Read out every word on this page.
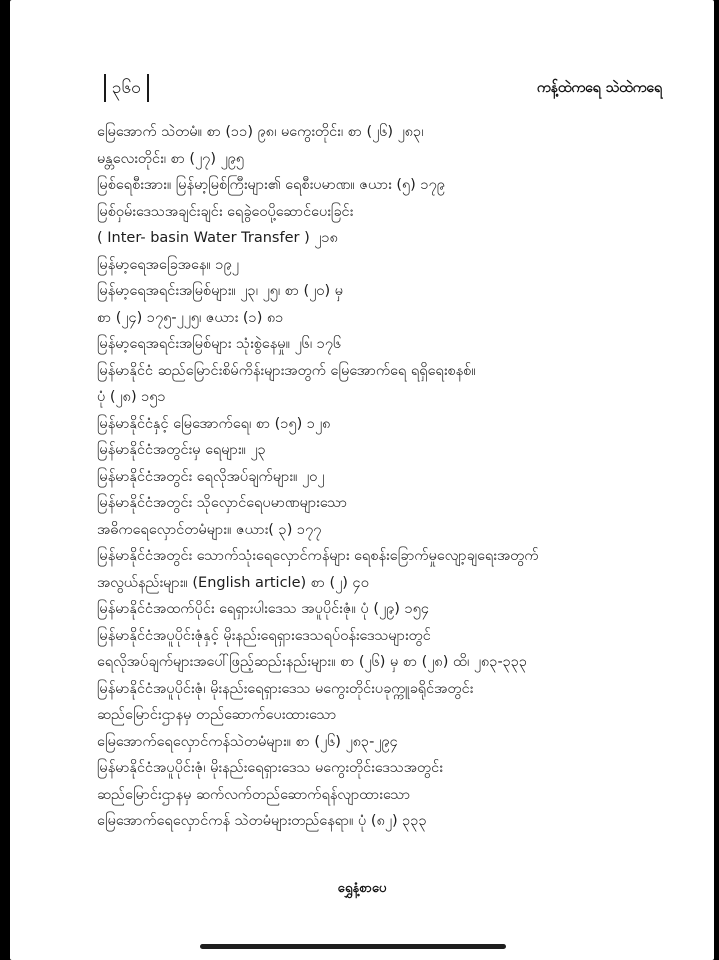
၃၆၀	ကန့်ထဲကရေ သဲထဲကရေ
မြေအောက် သဲတမံ။ စာ (၁၁) ၉၈၊ မကွေးတိုင်း၊ စာ (၂၆) ၂၈၃၊
မန္တလေးတိုင်း၊ စာ (၂၇) ၂၉၅
မြစ်ရေစီးအား။ မြန်မာ့မြစ်ကြီးများ၏ ရေစီးပမာဏ။ ဇယား (၅) ၁၇၉
မြစ်ဝှမ်းဒေသအချင်းချင်း ရေခွဲဝေပို့ဆောင်ပေးခြင်း
( Inter- basin Water Transfer ) ၂၁၈
မြန်မာ့ရေအခြေအနေ။ ၁၉၂
မြန်မာ့ရေအရင်းအမြစ်များ။ ၂၃၊ ၂၅၊ စာ (၂၀) မှ
စာ (၂၄) ၁၇၅-၂၂၅၊ ဇယား (၁) ၈၁
မြန်မာ့ရေအရင်းအမြစ်များ သုံးစွဲနေမှု။ ၂၆၊ ၁၇၆
မြန်မာနိုင်ငံ ဆည်မြောင်းစိမ်ကိန်းများအတွက် မြေအောက်ရေ ရရှိရေးစနစ်။
ပုံ (၂၈) ၁၅၁
မြန်မာနိုင်ငံနှင့် မြေအောက်ရေ၊ စာ (၁၅) ၁၂၈
မြန်မာနိုင်ငံအတွင်းမှ ရေများ။ ၂၃
မြန်မာနိုင်ငံအတွင်း ရေလိုအပ်ချက်များ။ ၂၀၂
မြန်မာနိုင်ငံအတွင်း သိုလှောင်ရေပမာဏများသော
အဓိကရေလှောင်တမံများ။ ဇယား( ၃) ၁၇၇
မြန်မာနိုင်ငံအတွင်း သောက်သုံးရေလှောင်ကန်များ ရေစန်းခြောက်မှုလျော့ချရေးအတွက်
အလွယ်နည်းများ။ (English article) စာ (၂) ၄၀
မြန်မာနိုင်ငံအထက်ပိုင်း ရေရှားပါးဒေသ အပူပိုင်းဇုံ။ ပုံ (၂၉) ၁၅၄
မြန်မာနိုင်ငံအပူပိုင်းဇုံနှင့် မိုးနည်းရေရှားဒေသရပ်ဝန်းဒေသများတွင်
ရေလိုအပ်ချက်များအပေါ်ဖြည့်ဆည်းနည်းများ။ စာ (၂၆) မှ စာ (၂၈) ထိ၊ ၂၈၃-၃၃၃
မြန်မာနိုင်ငံအပူပိုင်းဇုံ၊ မိုးနည်းရေရှားဒေသ မကွေးတိုင်းပခုက္ကူခရိုင်အတွင်း
ဆည်မြောင်းဌာနမှ တည်ဆောက်ပေးထားသော
မြေအောက်ရေလှောင်ကန်သဲတမံများ။ စာ (၂၆) ၂၈၃-၂၉၄
မြန်မာနိုင်ငံအပူပိုင်းဇုံ၊ မိုးနည်းရေရှားဒေသ မကွေးတိုင်းဒေသအတွင်း
ဆည်မြောင်းဌာနမှ ဆက်လက်တည်ဆောက်ရန်လျာထားသော
မြေအောက်ရေလှောင်ကန် သဲတမံများတည်နေရာ။ ပုံ (၈၂) ၃၃၃
ရွှေနံ့စာပေ
